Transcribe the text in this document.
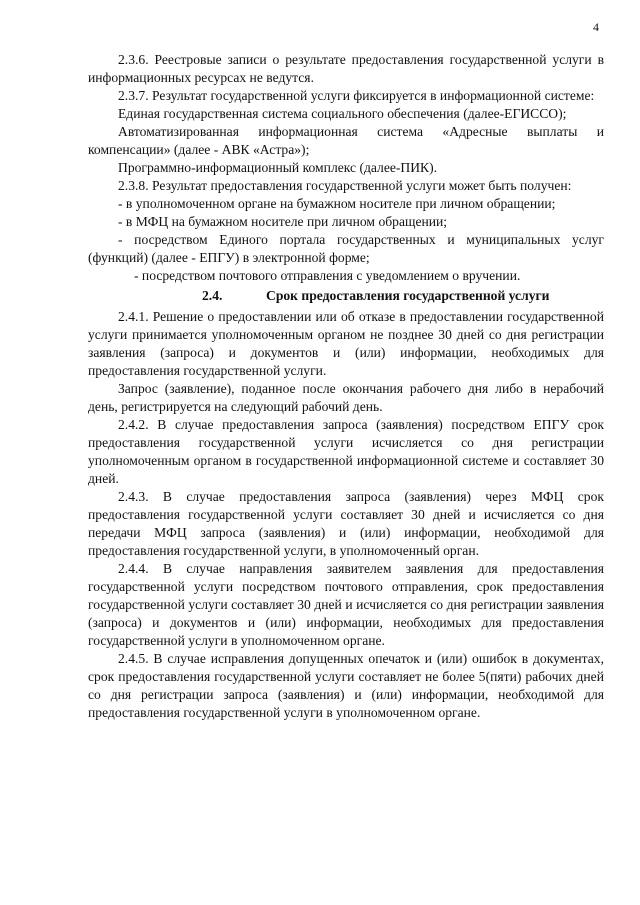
4

2.3.6. Реестровые записи о результате предоставления государственной услуги в информационных ресурсах не ведутся.

2.3.7. Результат государственной услуги фиксируется в информационной системе:

Единая государственная система социального обеспечения (далее-ЕГИССО);

Автоматизированная информационная система «Адресные выплаты и компенсации» (далее - АВК «Астра»);

Программно-информационный комплекс (далее-ПИК).

2.3.8. Результат предоставления государственной услуги может быть получен:

- в уполномоченном органе на бумажном носителе при личном обращении;

- в МФЦ на бумажном носителе при личном обращении;

- посредством Единого портала государственных и муниципальных услуг (функций) (далее - ЕПГУ) в электронной форме;

- посредством почтового отправления с уведомлением о вручении.

2.4.	Срок предоставления государственной услуги

2.4.1. Решение о предоставлении или об отказе в предоставлении государственной услуги принимается уполномоченным органом не позднее 30 дней со дня регистрации заявления (запроса) и документов и (или) информации, необходимых для предоставления государственной услуги.

Запрос (заявление), поданное после окончания рабочего дня либо в нерабочий день, регистрируется на следующий рабочий день.

2.4.2. В случае предоставления запроса (заявления) посредством ЕПГУ срок предоставления государственной услуги исчисляется со дня регистрации уполномоченным органом в государственной информационной системе и составляет 30 дней.

2.4.3. В случае предоставления запроса (заявления) через МФЦ срок предоставления государственной услуги составляет 30 дней и исчисляется со дня передачи МФЦ запроса (заявления) и (или) информации, необходимой для предоставления государственной услуги, в уполномоченный орган.

2.4.4. В случае направления заявителем заявления для предоставления государственной услуги посредством почтового отправления, срок предоставления государственной услуги составляет 30 дней и исчисляется со дня регистрации заявления (запроса) и документов и (или) информации, необходимых для предоставления государственной услуги в уполномоченном органе.

2.4.5. В случае исправления допущенных опечаток и (или) ошибок в документах, срок предоставления государственной услуги составляет не более 5(пяти) рабочих дней со дня регистрации запроса (заявления) и (или) информации, необходимой для предоставления государственной услуги в уполномоченном органе.
